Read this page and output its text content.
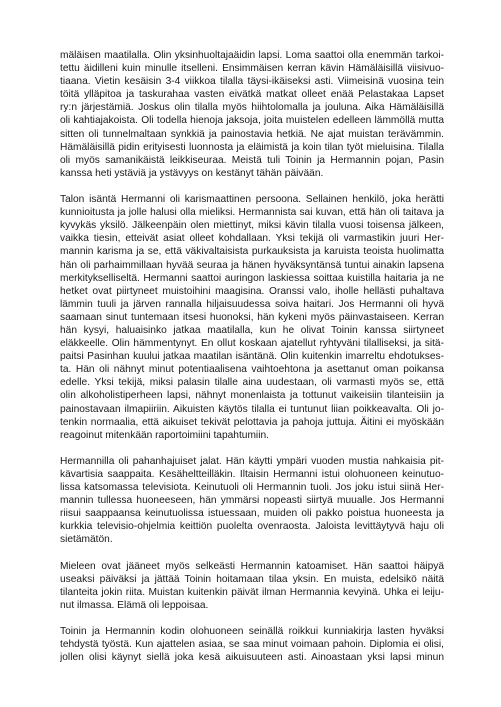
mäläisen maatilalla. Olin yksinhuoltajaäidin lapsi. Loma saattoi olla enemmän tarkoi-
tettu äidilleni kuin minulle itselleni. Ensimmäisen kerran kävin Hämäläisillä viisivuo-
tiaana. Vietin kesäisin 3-4 viikkoa tilalla täysi-ikäiseksi asti. Viimeisinä vuosina tein
töitä ylläpitoa ja taskurahaa vasten eivätkä matkat olleet enää Pelastakaa Lapset
ry:n järjestämiä. Joskus olin tilalla myös hiihtolomalla ja jouluna. Aika Hämäläisillä
oli kahtiajakoista. Oli todella hienoja jaksoja, joita muistelen edelleen lämmöllä mutta
sitten oli tunnelmaltaan synkkiä ja painostavia hetkiä. Ne ajat muistan terävämmin.
Hämäläisillä pidin erityisesti luonnosta ja eläimistä ja koin tilan työt mieluisina. Tilalla
oli myös samanikäistä leikkiseuraa. Meistä tuli Toinin ja Hermannin pojan, Pasin
kanssa heti ystäviä ja ystävyys on kestänyt tähän päivään.
Talon isäntä Hermanni oli karismaattinen persoona. Sellainen henkilö, joka herätti
kunnioitusta ja jolle halusi olla mieliksi. Hermannista sai kuvan, että hän oli taitava ja
kyvykäs yksilö. Jälkeenpäin olen miettinyt, miksi kävin tilalla vuosi toisensa jälkeen,
vaikka tiesin, etteivät asiat olleet kohdallaan. Yksi tekijä oli varmastikin juuri Her-
mannin karisma ja se, että väkivaltaisista purkauksista ja karuista teoista huolimatta
hän oli parhaimmillaan hyvää seuraa ja hänen hyväksyntänsä tuntui ainakin lapsena
merkitykselliseltä. Hermanni saattoi auringon laskiessa soittaa kuistilla haitaria ja ne
hetket ovat piirtyneet muistoihini maagisina. Oranssi valo, iholle hellästi puhaltava
lämmin tuuli ja järven rannalla hiljaisuudessa soiva haitari. Jos Hermanni oli hyvä
saamaan sinut tuntemaan itsesi huonoksi, hän kykeni myös päinvastaiseen. Kerran hän kysyi, haluaisinko jatkaa maatilalla, kun he olivat Toinin kanssa siirtyneet
eläkkeelle. Olin hämmentynyt. En ollut koskaan ajatellut ryhtyväni tilalliseksi, ja sitä-
paitsi Pasinhan kuului jatkaa maatilan isäntänä. Olin kuitenkin imarreltu ehdotukses-
ta. Hän oli nähnyt minut potentiaalisena vaihtoehtona ja asettanut oman poikansa
edelle. Yksi tekijä, miksi palasin tilalle aina uudestaan, oli varmasti myös se, että
olin alkoholistiperheen lapsi, nähnyt monenlaista ja tottunut vaikeisiin tilanteisiin ja
painostavaan ilmapiiriin. Aikuisten käytös tilalla ei tuntunut liian poikkeavalta. Oli jo-
tenkin normaalia, että aikuiset tekivät pelottavia ja pahoja juttuja. Äitini ei myöskään
reagoinut mitenkään raportoimiini tapahtumiin.
Hermannilla oli pahanhajuiset jalat. Hän käytti ympäri vuoden mustia nahkaisia pit-
kävartisia saappaita. Kesäheltteilläkin. Iltaisin Hermanni istui olohuoneen keinutuo-
lissa katsomassa televisiota. Keinutuoli oli Hermannin tuoli. Jos joku istui siinä Her-
mannin tullessa huoneeseen, hän ymmärsi nopeasti siirtyä muualle. Jos Hermanni
riisui saappaansa keinutuolissa istuessaan, muiden oli pakko poistua huoneesta ja
kurkkia televisio-ohjelmia keittiön puolelta ovenraosta. Jaloista levittäytyvä haju oli
sietämätön.
Mieleen ovat jääneet myös selkeästi Hermannin katoamiset. Hän saattoi häipyä
useaksi päiväksi ja jättää Toinin hoitamaan tilaa yksin. En muista, edelsikö näitä
tilanteita jokin riita. Muistan kuitenkin päivät ilman Hermannia kevyinä. Uhka ei leiju-
nut ilmassa. Elämä oli leppoisaa.
Toinin ja Hermannin kodin olohuoneen seinällä roikkui kunniakirja lasten hyväksi
tehdystä työstä. Kun ajattelen asiaa, se saa minut voimaan pahoin. Diplomia ei olisi,
jollen olisi käynyt siellä joka kesä aikuisuuteen asti. Ainoastaan yksi lapsi minun
